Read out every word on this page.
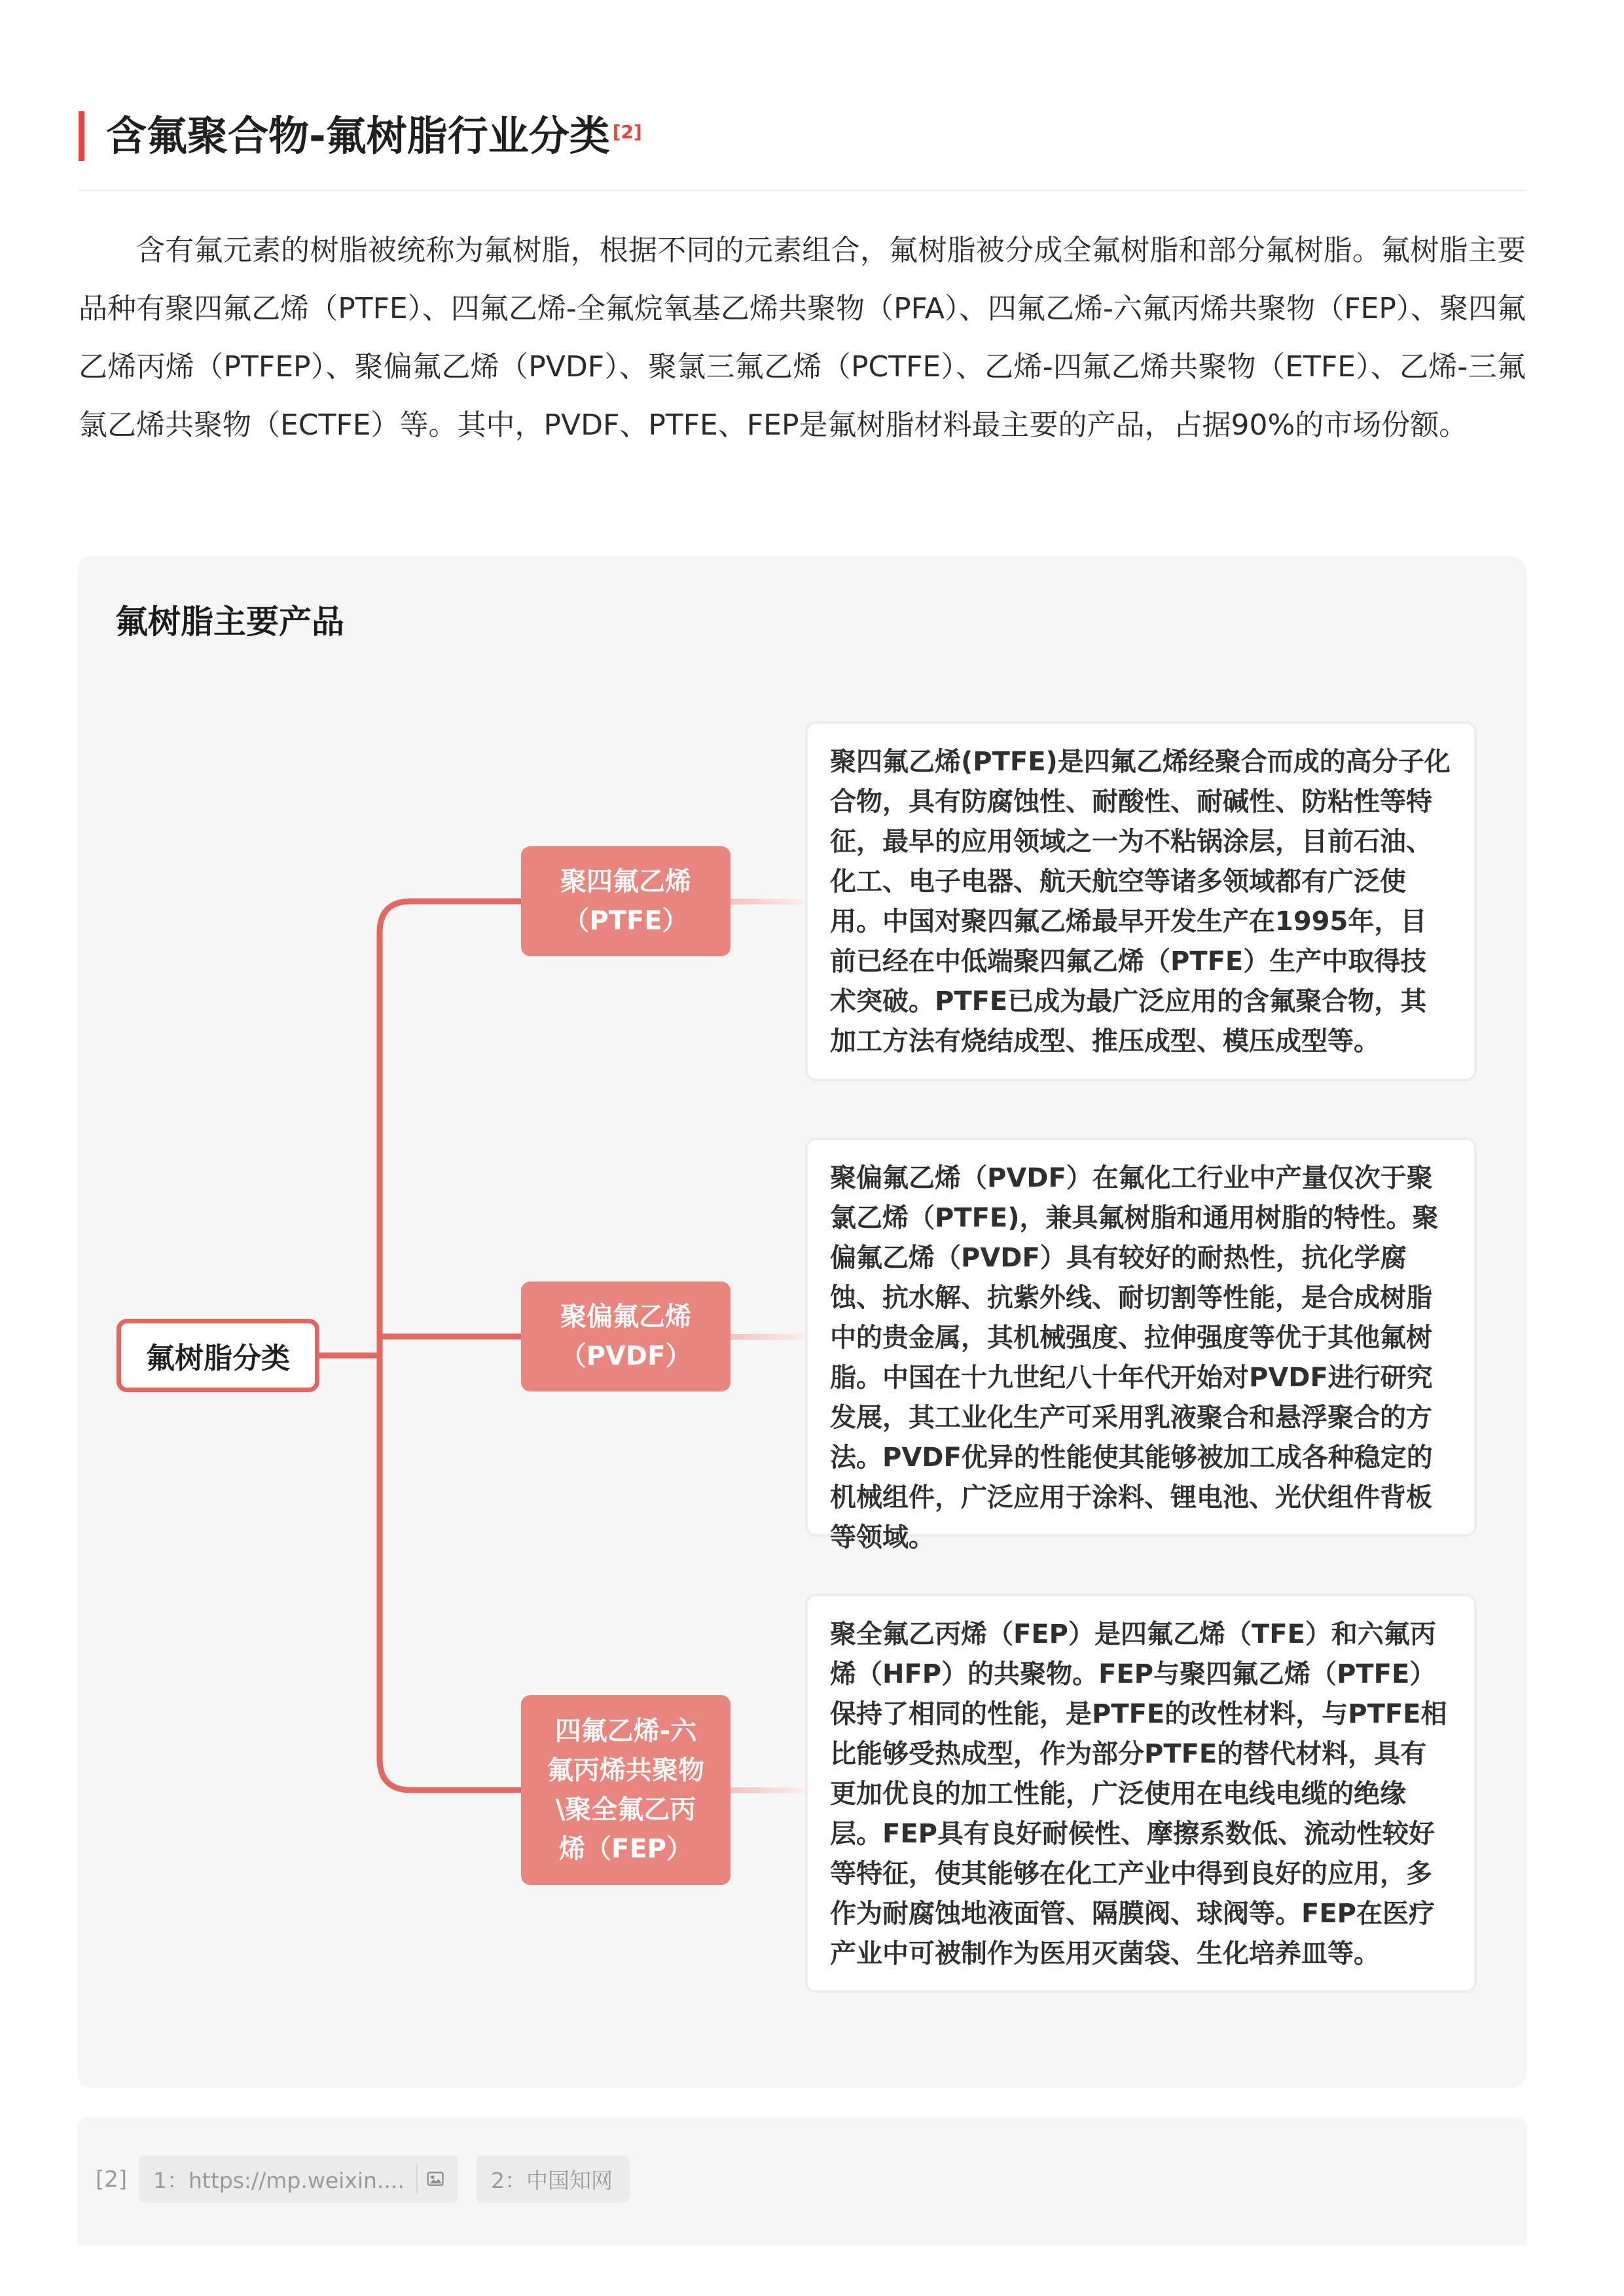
含氟聚合物-氟树脂行业分类 [2]
含有氟元素的树脂被统称为氟树脂，根据不同的元素组合，氟树脂被分成全氟树脂和部分氟树脂。氟树脂主要品种有聚四氟乙烯（PTFE）、四氟乙烯-全氟烷氧基乙烯共聚物（PFA）、四氟乙烯-六氟丙烯共聚物（FEP）、聚四氟乙烯丙烯（PTFEP）、聚偏氟乙烯（PVDF）、聚氯三氟乙烯（PCTFE）、乙烯-四氟乙烯共聚物（ETFE）、乙烯-三氟氯乙烯共聚物（ECTFE）等。其中，PVDF、PTFE、FEP是氟树脂材料最主要的产品，占据90%的市场份额。
氟树脂主要产品
氟树脂分类
聚四氟乙烯
（PTFE）
聚偏氟乙烯
（PVDF）
四氟乙烯-六
氟丙烯共聚物
\聚全氟乙丙
烯（FEP）
聚四氟乙烯(PTFE)是四氟乙烯经聚合而成的高分子化合物，具有防腐蚀性、耐酸性、耐碱性、防粘性等特征，最早的应用领域之一为不粘锅涂层，目前石油、化工、电子电器、航天航空等诸多领域都有广泛使用。中国对聚四氟乙烯最早开发生产在1995年，目前已经在中低端聚四氟乙烯（PTFE）生产中取得技术突破。PTFE已成为最广泛应用的含氟聚合物，其加工方法有烧结成型、推压成型、模压成型等。
聚偏氟乙烯（PVDF）在氟化工行业中产量仅次于聚氯乙烯（PTFE)，兼具氟树脂和通用树脂的特性。聚偏氟乙烯（PVDF）具有较好的耐热性，抗化学腐蚀、抗水解、抗紫外线、耐切割等性能，是合成树脂中的贵金属，其机械强度、拉伸强度等优于其他氟树脂。中国在十九世纪八十年代开始对PVDF进行研究发展，其工业化生产可采用乳液聚合和悬浮聚合的方法。PVDF优异的性能使其能够被加工成各种稳定的机械组件，广泛应用于涂料、锂电池、光伏组件背板等领域。
聚全氟乙丙烯（FEP）是四氟乙烯（TFE）和六氟丙烯（HFP）的共聚物。FEP与聚四氟乙烯（PTFE）保持了相同的性能，是PTFE的改性材料，与PTFE相比能够受热成型，作为部分PTFE的替代材料，具有更加优良的加工性能，广泛使用在电线电缆的绝缘层。FEP具有良好耐候性、摩擦系数低、流动性较好等特征，使其能够在化工产业中得到良好的应用，多作为耐腐蚀地液面管、隔膜阀、球阀等。FEP在医疗产业中可被制作为医用灭菌袋、生化培养皿等。
[2] 1：https://mp.weixin....	2：中国知网
